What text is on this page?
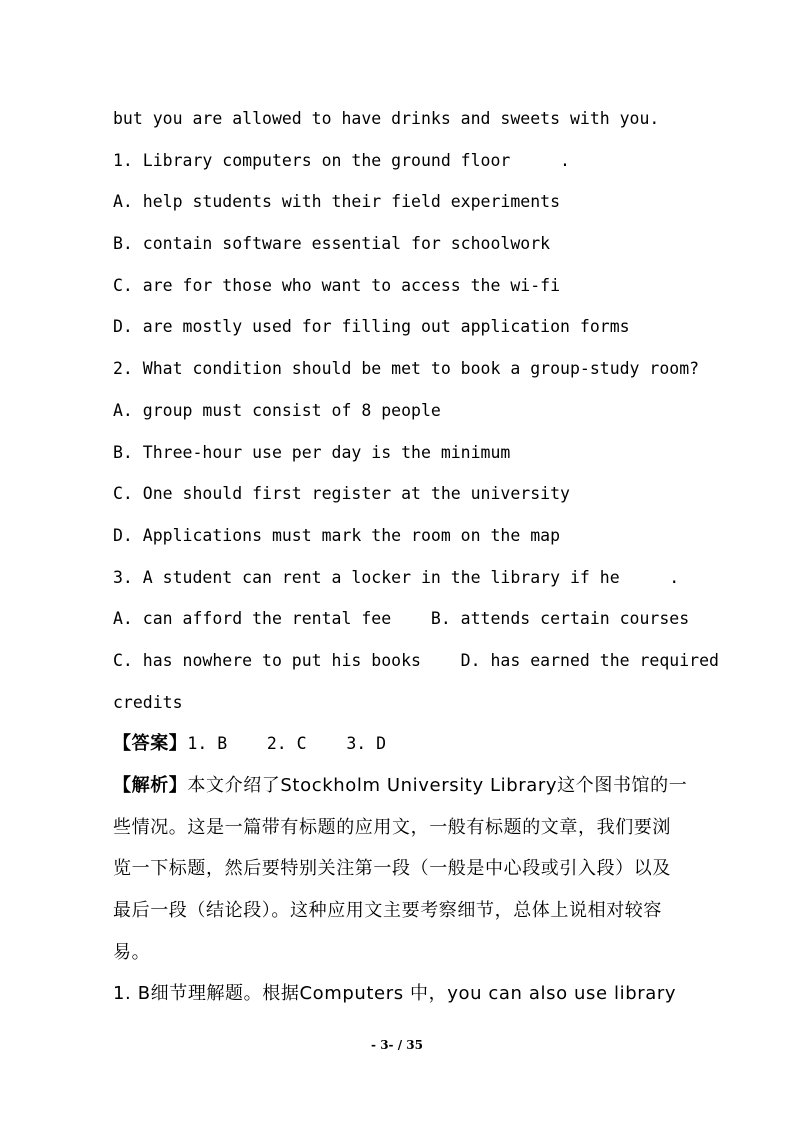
but you are allowed to have drinks and sweets with you.
1. Library computers on the ground floor     .
A. help students with their field experiments
B. contain software essential for schoolwork
C. are for those who want to access the wi-fi
D. are mostly used for filling out application forms
2. What condition should be met to book a group-study room?
A. group must consist of 8 people
B. Three-hour use per day is the minimum
C. One should first register at the university
D. Applications must mark the room on the map
3. A student can rent a locker in the library if he     .
A. can afford the rental fee    B. attends certain courses
C. has nowhere to put his books    D. has earned the required
credits
【答案】1. B    2. C    3. D
【解析】本文介绍了Stockholm University Library这个图书馆的一
些情况。这是一篇带有标题的应用文，一般有标题的文章，我们要浏
览一下标题，然后要特别关注第一段（一般是中心段或引入段）以及
最后一段（结论段）。这种应用文主要考察细节，总体上说相对较容
易。
1. B细节理解题。根据Computers 中，you can also use library
- 3- / 35
